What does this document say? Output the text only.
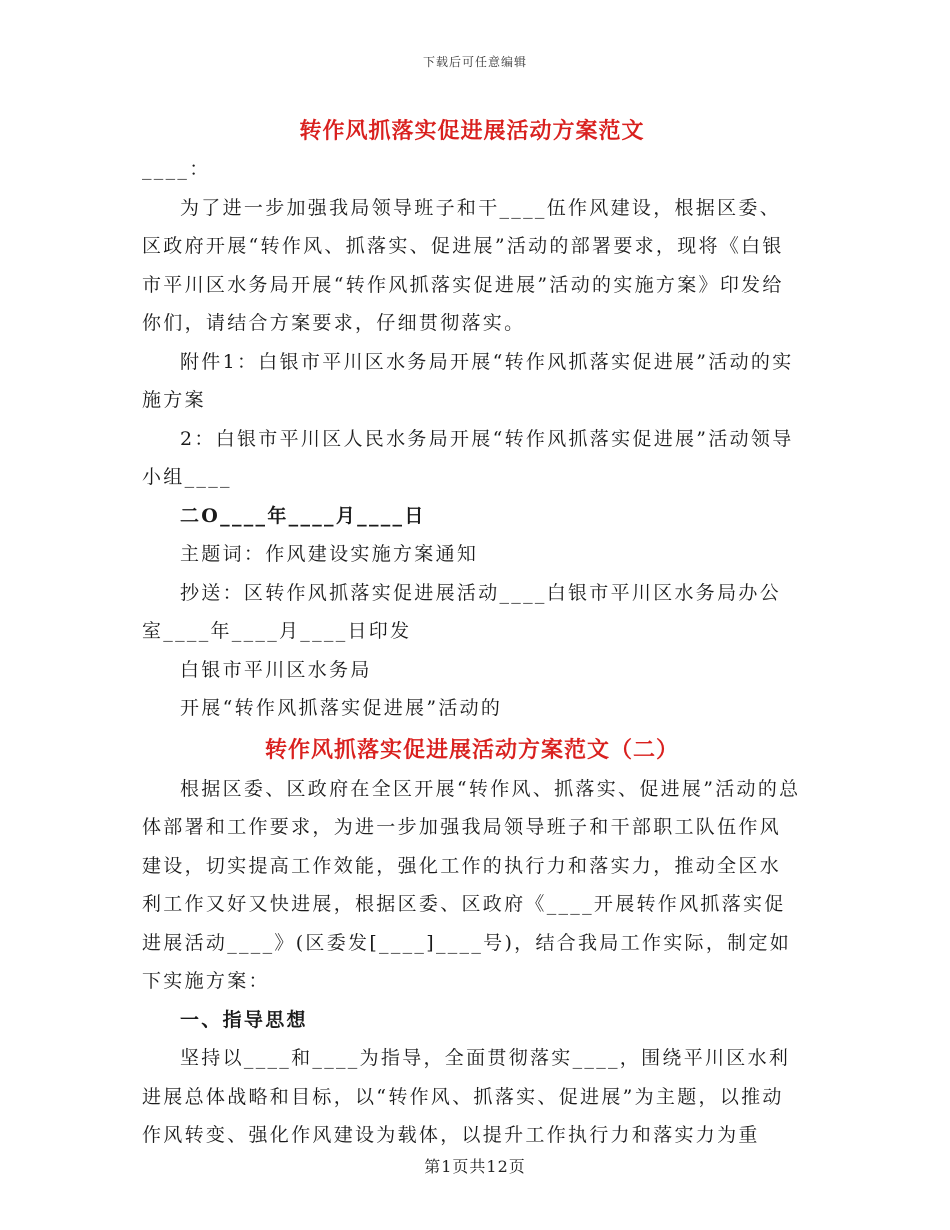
下载后可任意编辑
转作风抓落实促进展活动方案范文

____：

为了进一步加强我局领导班子和干____伍作风建设，根据区委、区政府开展“转作风、抓落实、促进展”活动的部署要求，现将《白银市平川区水务局开展“转作风抓落实促进展”活动的实施方案》印发给你们，请结合方案要求，仔细贯彻落实。

附件1：白银市平川区水务局开展“转作风抓落实促进展”活动的实施方案

2：白银市平川区人民水务局开展“转作风抓落实促进展”活动领导小组____

二O____年____月____日

主题词：作风建设实施方案通知

抄送：区转作风抓落实促进展活动____白银市平川区水务局办公室____年____月____日印发

白银市平川区水务局

开展“转作风抓落实促进展”活动的

转作风抓落实促进展活动方案范文（二）

根据区委、区政府在全区开展“转作风、抓落实、促进展”活动的总体部署和工作要求，为进一步加强我局领导班子和干部职工队伍作风建设，切实提高工作效能，强化工作的执行力和落实力，推动全区水利工作又好又快进展，根据区委、区政府《____开展转作风抓落实促进展活动____》(区委发[____]____号)，结合我局工作实际，制定如下实施方案：

一、指导思想

坚持以____和____为指导，全面贯彻落实____，围绕平川区水利进展总体战略和目标，以“转作风、抓落实、促进展”为主题，以推动作风转变、强化作风建设为载体，以提升工作执行力和落实力为重

第1页共12页
